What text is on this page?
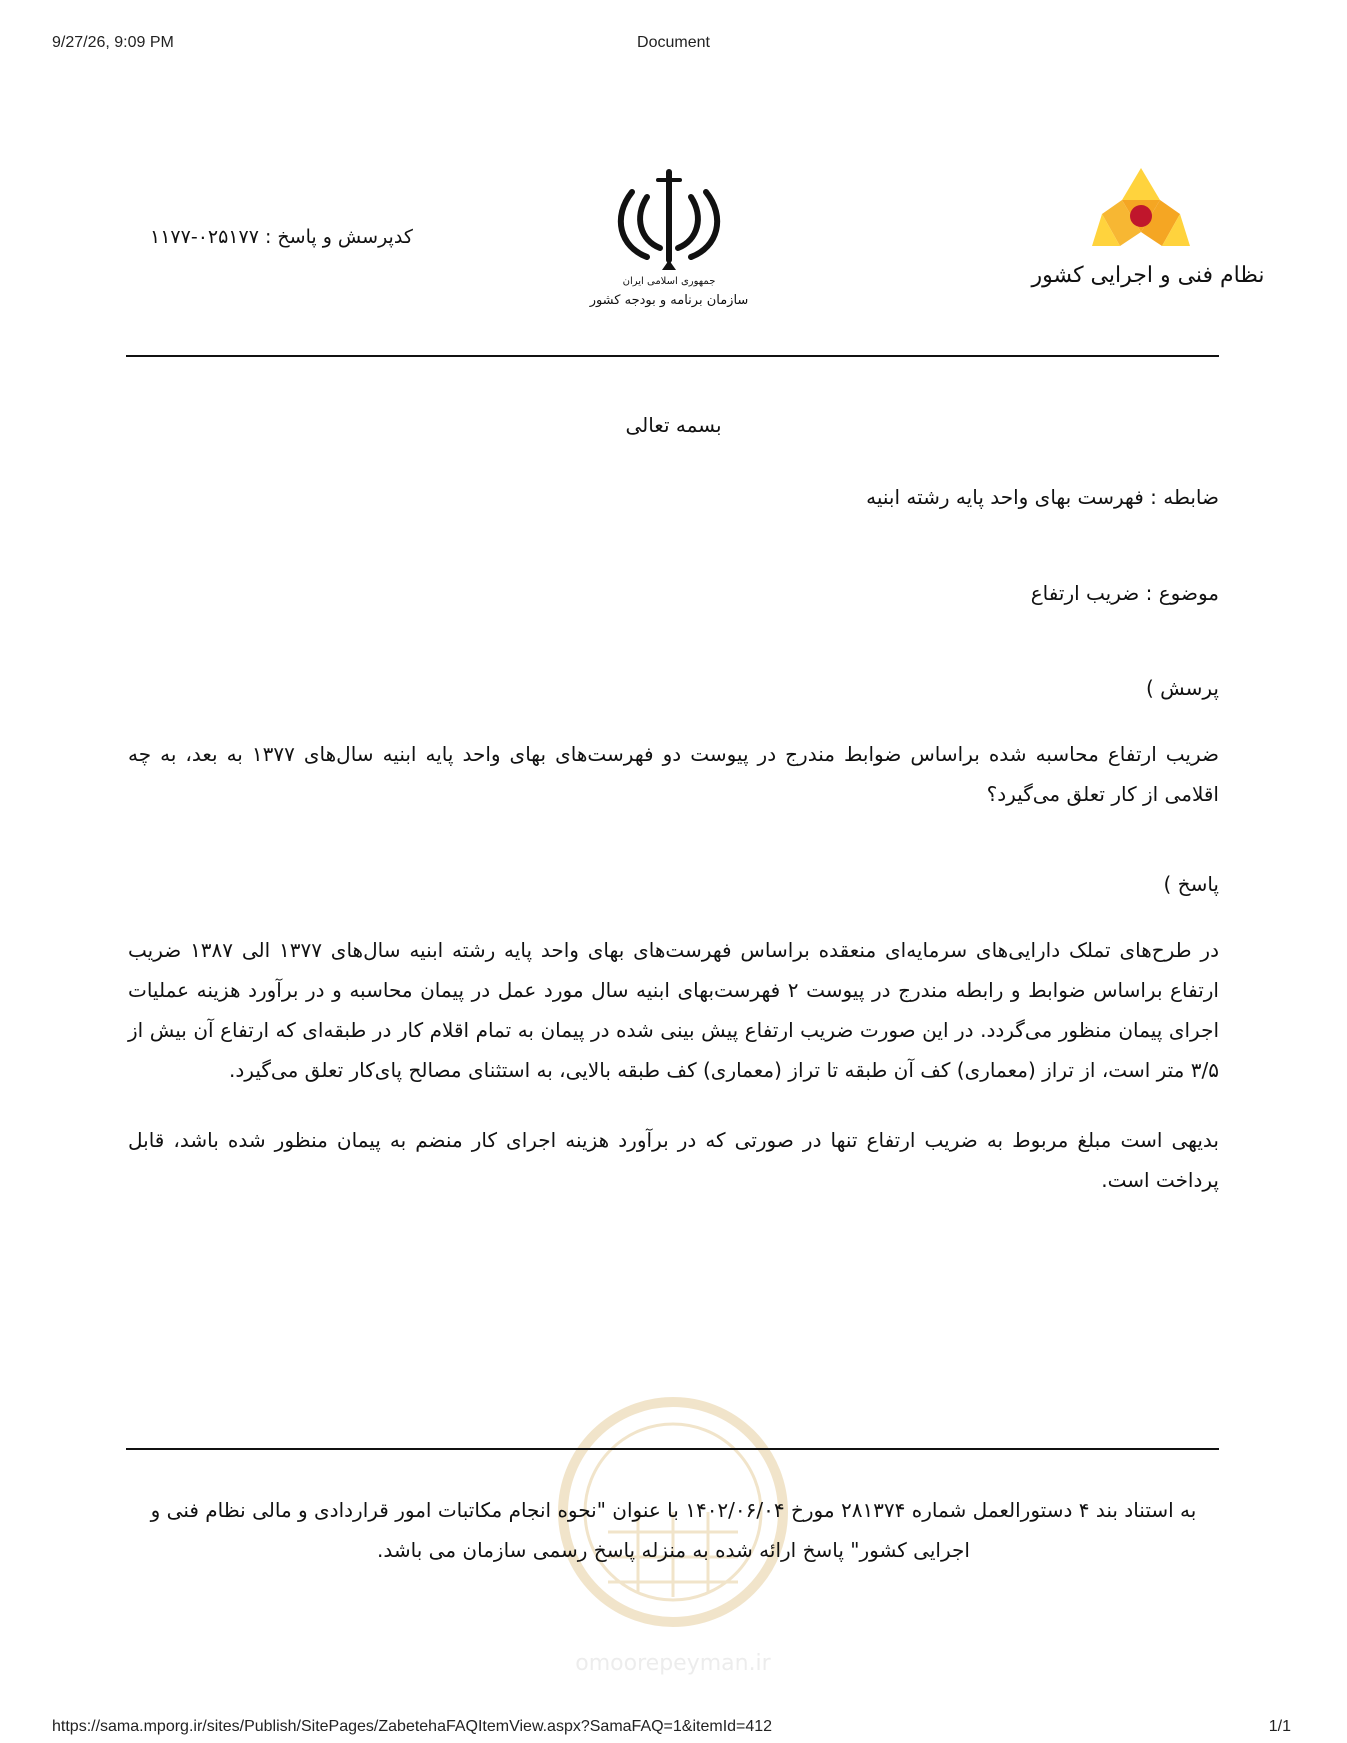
9/27/26, 9:09 PM	Document
کدپرسش و پاسخ : ۰۲۵۱۷۷-۱۱۷۷
جمهوری اسلامی ایران
سازمان برنامه و بودجه کشور
نظام فنی و اجرایی کشور
بسمه تعالی
ضابطه : فهرست بهای واحد پایه رشته ابنیه
موضوع : ضریب ارتفاع
پرسش )
ضریب ارتفاع محاسبه شده براساس ضوابط مندرج در پیوست دو فهرست‌های بهای واحد پایه ابنیه سال‌های ۱۳۷۷ به بعد، به چه اقلامی از کار تعلق می‌گیرد؟
پاسخ )
در طرح‌های تملک دارایی‌های سرمایه‌ای منعقده براساس فهرست‌های بهای واحد پایه رشته ابنیه سال‌های ۱۳۷۷ الی ۱۳۸۷ ضریب ارتفاع براساس ضوابط و رابطه مندرج در پیوست ۲ فهرست‌بهای ابنیه سال مورد عمل در پیمان محاسبه و در برآورد هزینه عملیات اجرای پیمان منظور می‌گردد. در این صورت ضریب ارتفاع پیش بینی شده در پیمان به تمام اقلام کار در طبقه‌ای که ارتفاع آن بیش از ۳/۵ متر است، از تراز (معماری) کف آن طبقه تا تراز (معماری) کف طبقه بالایی، به استثنای مصالح پای‌کار تعلق می‌گیرد.
بدیهی است مبلغ مربوط به ضریب ارتفاع تنها در صورتی که در برآورد هزینه اجرای کار منضم به پیمان منظور شده باشد، قابل پرداخت است.
omoorepeyman.ir
به استناد بند ۴ دستورالعمل شماره ۲۸۱۳۷۴ مورخ ۱۴۰۲/۰۶/۰۴ با عنوان "نحوه انجام مکاتبات امور قراردادی و مالی نظام فنی و اجرایی کشور" پاسخ ارائه شده به منزله پاسخ رسمی سازمان می باشد.
https://sama.mporg.ir/sites/Publish/SitePages/ZabetehaFAQItemView.aspx?SamaFAQ=1&itemId=412	1/1
